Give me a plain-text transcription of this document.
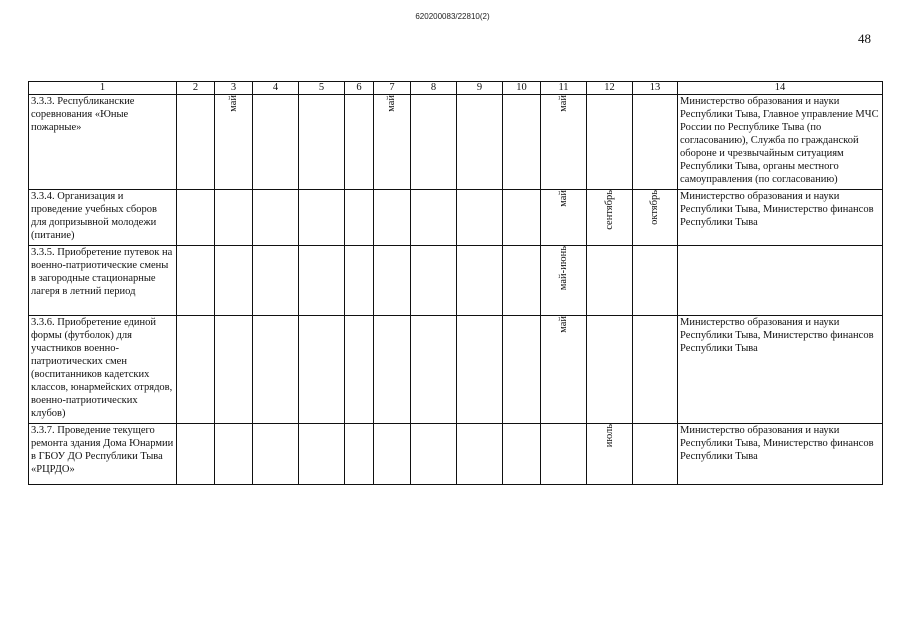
620200083/22810(2)
48
1	2	3	4	5	6	7	8	9	10	11	12	13	14
3.3.3. Республиканские соревнования «Юные пожарные»		май				май				май			Министерство образования и науки Республики Тыва, Главное управление МЧС России по Республике Тыва (по согласованию), Служба по гражданской обороне и чрезвычайным ситуациям Республики Тыва, органы местного самоуправления (по согласованию)
3.3.4. Организация и проведение учебных сборов для допризывной молодежи (питание)										май	сентябрь	октябрь	Министерство образования и науки Республики Тыва, Министерство финансов Республики Тыва
3.3.5. Приобретение путевок на военно-патриотические смены в загородные стационарные лагеря в летний период										май-июнь			
3.3.6. Приобретение единой формы (футболок) для участников военно-патриотических смен (воспитанников кадетских классов, юнармейских отрядов, военно-патриотических клубов)										май			Министерство образования и науки Республики Тыва, Министерство финансов Республики Тыва
3.3.7. Проведение текущего ремонта здания Дома Юнармии в ГБОУ ДО Республики Тыва «РЦРДО»											июль		Министерство образования и науки Республики Тыва, Министерство финансов Республики Тыва
